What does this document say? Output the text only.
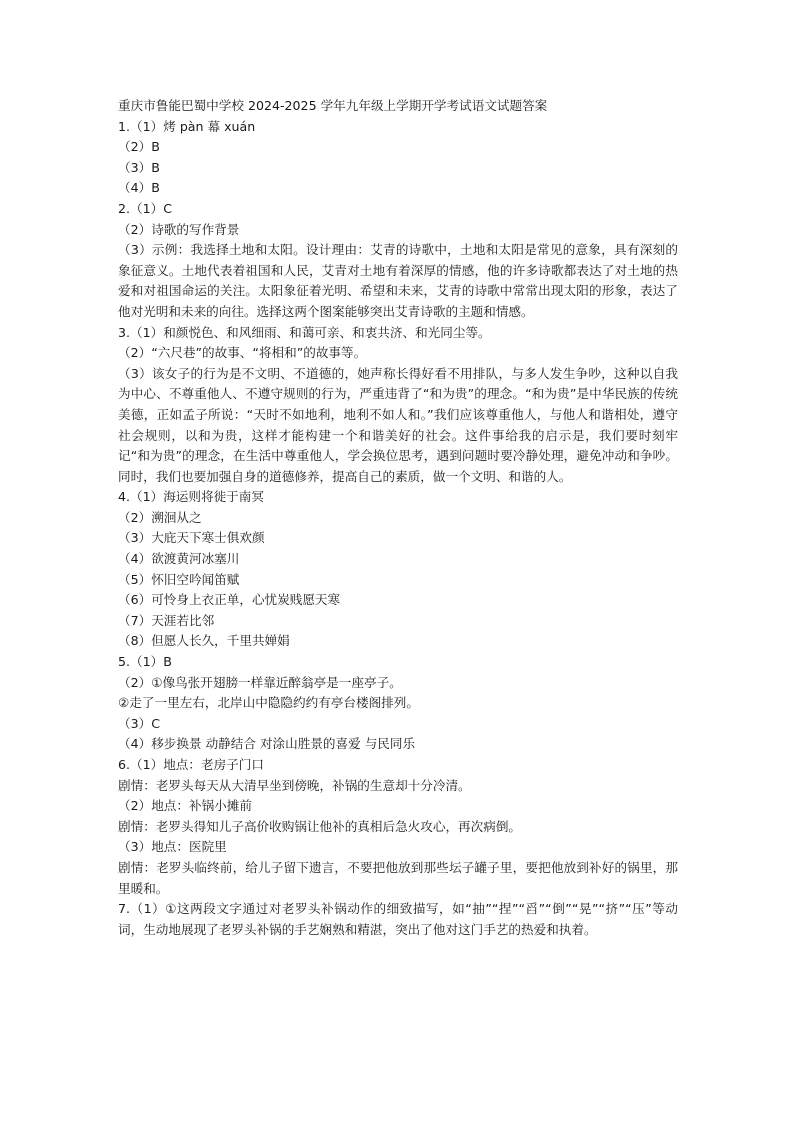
重庆市鲁能巴蜀中学校 2024-2025 学年九年级上学期开学考试语文试题答案
1.（1）烤 pàn 幕 xuán
（2）B
（3）B
（4）B
2.（1）C
（2）诗歌的写作背景
（3）示例：我选择土地和太阳。设计理由：艾青的诗歌中，土地和太阳是常见的意象，具有深刻的象征意义。土地代表着祖国和人民，艾青对土地有着深厚的情感，他的许多诗歌都表达了对土地的热爱和对祖国命运的关注。太阳象征着光明、希望和未来，艾青的诗歌中常常出现太阳的形象，表达了他对光明和未来的向往。选择这两个图案能够突出艾青诗歌的主题和情感。
3.（1）和颜悦色、和风细雨、和蔼可亲、和衷共济、和光同尘等。
（2）“六尺巷”的故事、“将相和”的故事等。
（3）该女子的行为是不文明、不道德的，她声称长得好看不用排队，与多人发生争吵，这种以自我为中心、不尊重他人、不遵守规则的行为，严重违背了“和为贵”的理念。“和为贵”是中华民族的传统美德，正如孟子所说：“天时不如地利，地利不如人和。”我们应该尊重他人，与他人和谐相处，遵守社会规则，以和为贵，这样才能构建一个和谐美好的社会。这件事给我的启示是，我们要时刻牢记“和为贵”的理念，在生活中尊重他人，学会换位思考，遇到问题时要冷静处理，避免冲动和争吵。同时，我们也要加强自身的道德修养，提高自己的素质，做一个文明、和谐的人。
4.（1）海运则将徙于南冥
（2）溯洄从之
（3）大庇天下寒士俱欢颜
（4）欲渡黄河冰塞川
（5）怀旧空吟闻笛赋
（6）可怜身上衣正单，心忧炭贱愿天寒
（7）天涯若比邻
（8）但愿人长久，千里共婵娟
5.（1）B
（2）①像鸟张开翅膀一样靠近醉翁亭是一座亭子。
②走了一里左右，北岸山中隐隐约约有亭台楼阁排列。
（3）C
（4）移步换景 动静结合 对涂山胜景的喜爱 与民同乐
6.（1）地点：老房子门口
剧情：老罗头每天从大清早坐到傍晚，补锅的生意却十分冷清。
（2）地点：补锅小摊前
剧情：老罗头得知儿子高价收购锅让他补的真相后急火攻心，再次病倒。
（3）地点：医院里
剧情：老罗头临终前，给儿子留下遗言，不要把他放到那些坛子罐子里，要把他放到补好的锅里，那里暖和。
7.（1）①这两段文字通过对老罗头补锅动作的细致描写，如“抽”“捏”“舀”“倒”“晃”“挤”“压”等动词，生动地展现了老罗头补锅的手艺娴熟和精湛，突出了他对这门手艺的热爱和执着。
